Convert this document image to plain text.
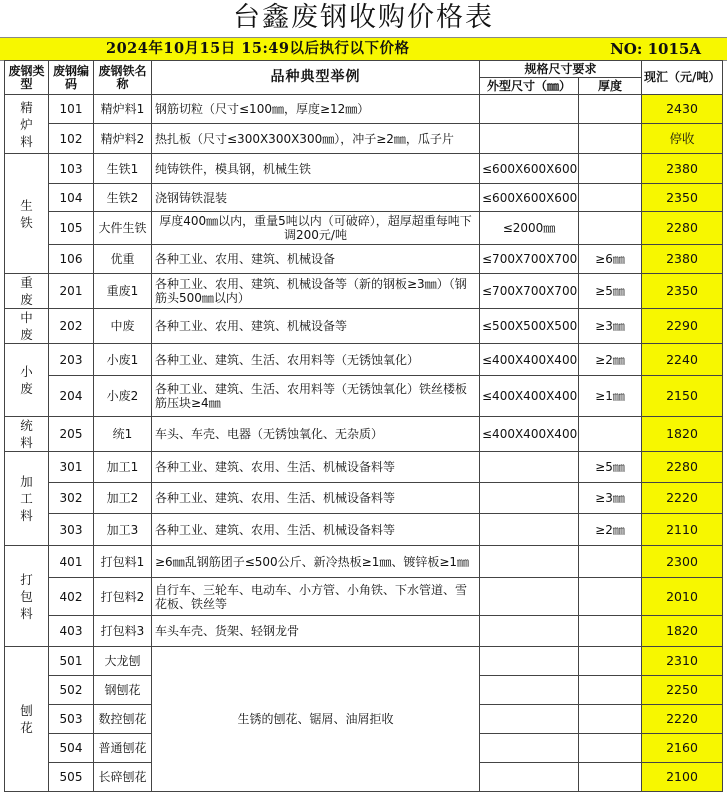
台鑫废钢收购价格表
2024年10月15日 15:49以后执行以下价格	NO: 1015A
废钢类型	废钢编码	废钢铁名称	品种典型举例	规格尺寸要求		现汇（元/吨）
				外型尺寸（㎜）	厚度	
精炉料	101	精炉料1	钢筋切粒（尺寸≤100㎜，厚度≥12㎜）			2430
	102	精炉料2	热扎板（尺寸≤300X300X300㎜），冲子≥2㎜，瓜子片			停收
生铁	103	生铁1	纯铸铁件，模具钢，机械生铁	≤600X600X600		2380
	104	生铁2	浇钢铸铁混装	≤600X600X600		2350
	105	大件生铁	厚度400㎜以内，重量5吨以内（可破碎），超厚超重每吨下调200元/吨	≤2000㎜		2280
	106	优重	各种工业、农用、建筑、机械设备	≤700X700X700	≥6㎜	2380
重废	201	重废1	各种工业、农用、建筑、机械设备等（新的钢板≥3㎜）（钢筋头500㎜以内）	≤700X700X700	≥5㎜	2350
中废	202	中废	各种工业、农用、建筑、机械设备等	≤500X500X500	≥3㎜	2290
小废	203	小废1	各种工业、建筑、生活、农用料等（无锈蚀氧化）	≤400X400X400	≥2㎜	2240
	204	小废2	各种工业、建筑、生活、农用料等（无锈蚀氧化）铁丝楼板筋压块≥4㎜	≤400X400X400	≥1㎜	2150
统料	205	统1	车头、车壳、电器（无锈蚀氧化、无杂质）	≤400X400X400		1820
加工料	301	加工1	各种工业、建筑、农用、生活、机械设备料等		≥5㎜	2280
	302	加工2	各种工业、建筑、农用、生活、机械设备料等		≥3㎜	2220
	303	加工3	各种工业、建筑、农用、生活、机械设备料等		≥2㎜	2110
打包料	401	打包料1	≥6㎜乱钢筋团子≤500公斤、新冷热板≥1㎜、镀锌板≥1㎜			2300
	402	打包料2	自行车、三轮车、电动车、小方管、小角铁、下水管道、雪花板、铁丝等			2010
	403	打包料3	车头车壳、货架、轻钢龙骨			1820
刨花	501	大龙刨	生锈的刨花、锯屑、油屑拒收			2310
	502	钢刨花				2250
	503	数控刨花				2220
	504	普通刨花				2160
	505	长碎刨花				2100
